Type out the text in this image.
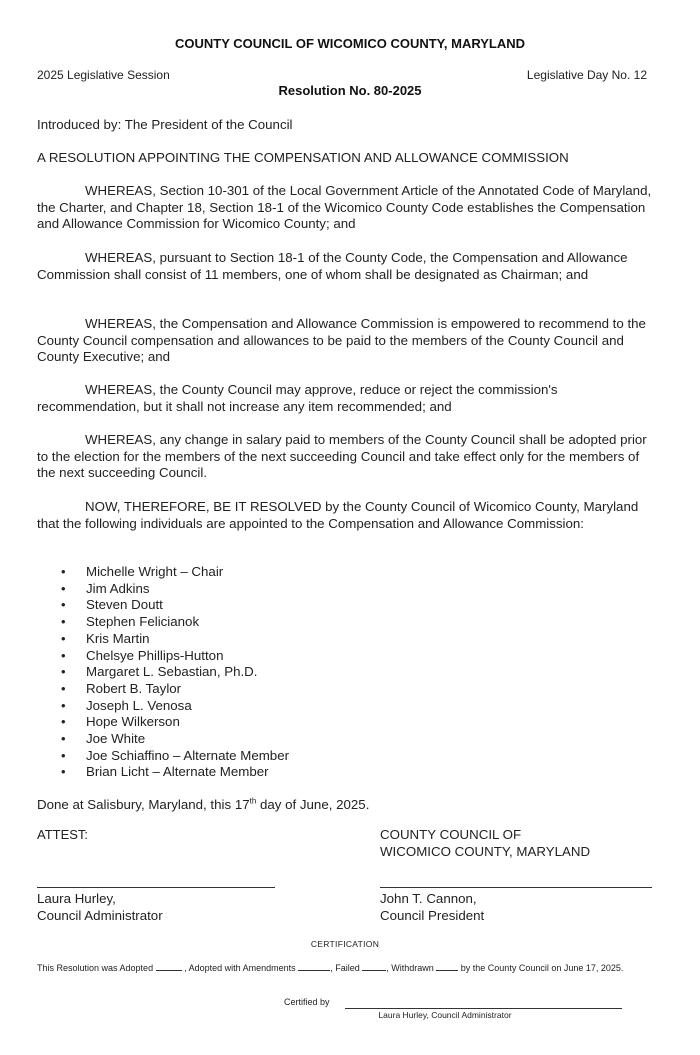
COUNTY COUNCIL OF WICOMICO COUNTY, MARYLAND
2025 Legislative Session	Legislative Day No. 12
Resolution No. 80-2025

Introduced by: The President of the Council

A RESOLUTION APPOINTING THE COMPENSATION AND ALLOWANCE COMMISSION

WHEREAS, Section 10-301 of the Local Government Article of the Annotated Code of Maryland, the Charter, and Chapter 18, Section 18-1 of the Wicomico County Code establishes the Compensation and Allowance Commission for Wicomico County; and

WHEREAS, pursuant to Section 18-1 of the County Code, the Compensation and Allowance Commission shall consist of 11 members, one of whom shall be designated as Chairman; and

WHEREAS, the Compensation and Allowance Commission is empowered to recommend to the County Council compensation and allowances to be paid to the members of the County Council and County Executive; and

WHEREAS, the County Council may approve, reduce or reject the commission's recommendation, but it shall not increase any item recommended; and

WHEREAS, any change in salary paid to members of the County Council shall be adopted prior to the election for the members of the next succeeding Council and take effect only for the members of the next succeeding Council.

NOW, THEREFORE, BE IT RESOLVED by the County Council of Wicomico County, Maryland that the following individuals are appointed to the Compensation and Allowance Commission:

• Michelle Wright – Chair
• Jim Adkins
• Steven Doutt
• Stephen Felicianok
• Kris Martin
• Chelsye Phillips-Hutton
• Margaret L. Sebastian, Ph.D.
• Robert B. Taylor
• Joseph L. Venosa
• Hope Wilkerson
• Joe White
• Joe Schiaffino – Alternate Member
• Brian Licht – Alternate Member
Done at Salisbury, Maryland, this 17th day of June, 2025.
ATTEST:	COUNTY COUNCIL OF
WICOMICO COUNTY, MARYLAND
Laura Hurley,
Council Administrator
John T. Cannon,
Council President
CERTIFICATION
This Resolution was Adopted	, Adopted with Amendments	, Failed	, Withdrawn	by the County Council on June 17, 2025.
Certified by
Laura Hurley, Council Administrator
